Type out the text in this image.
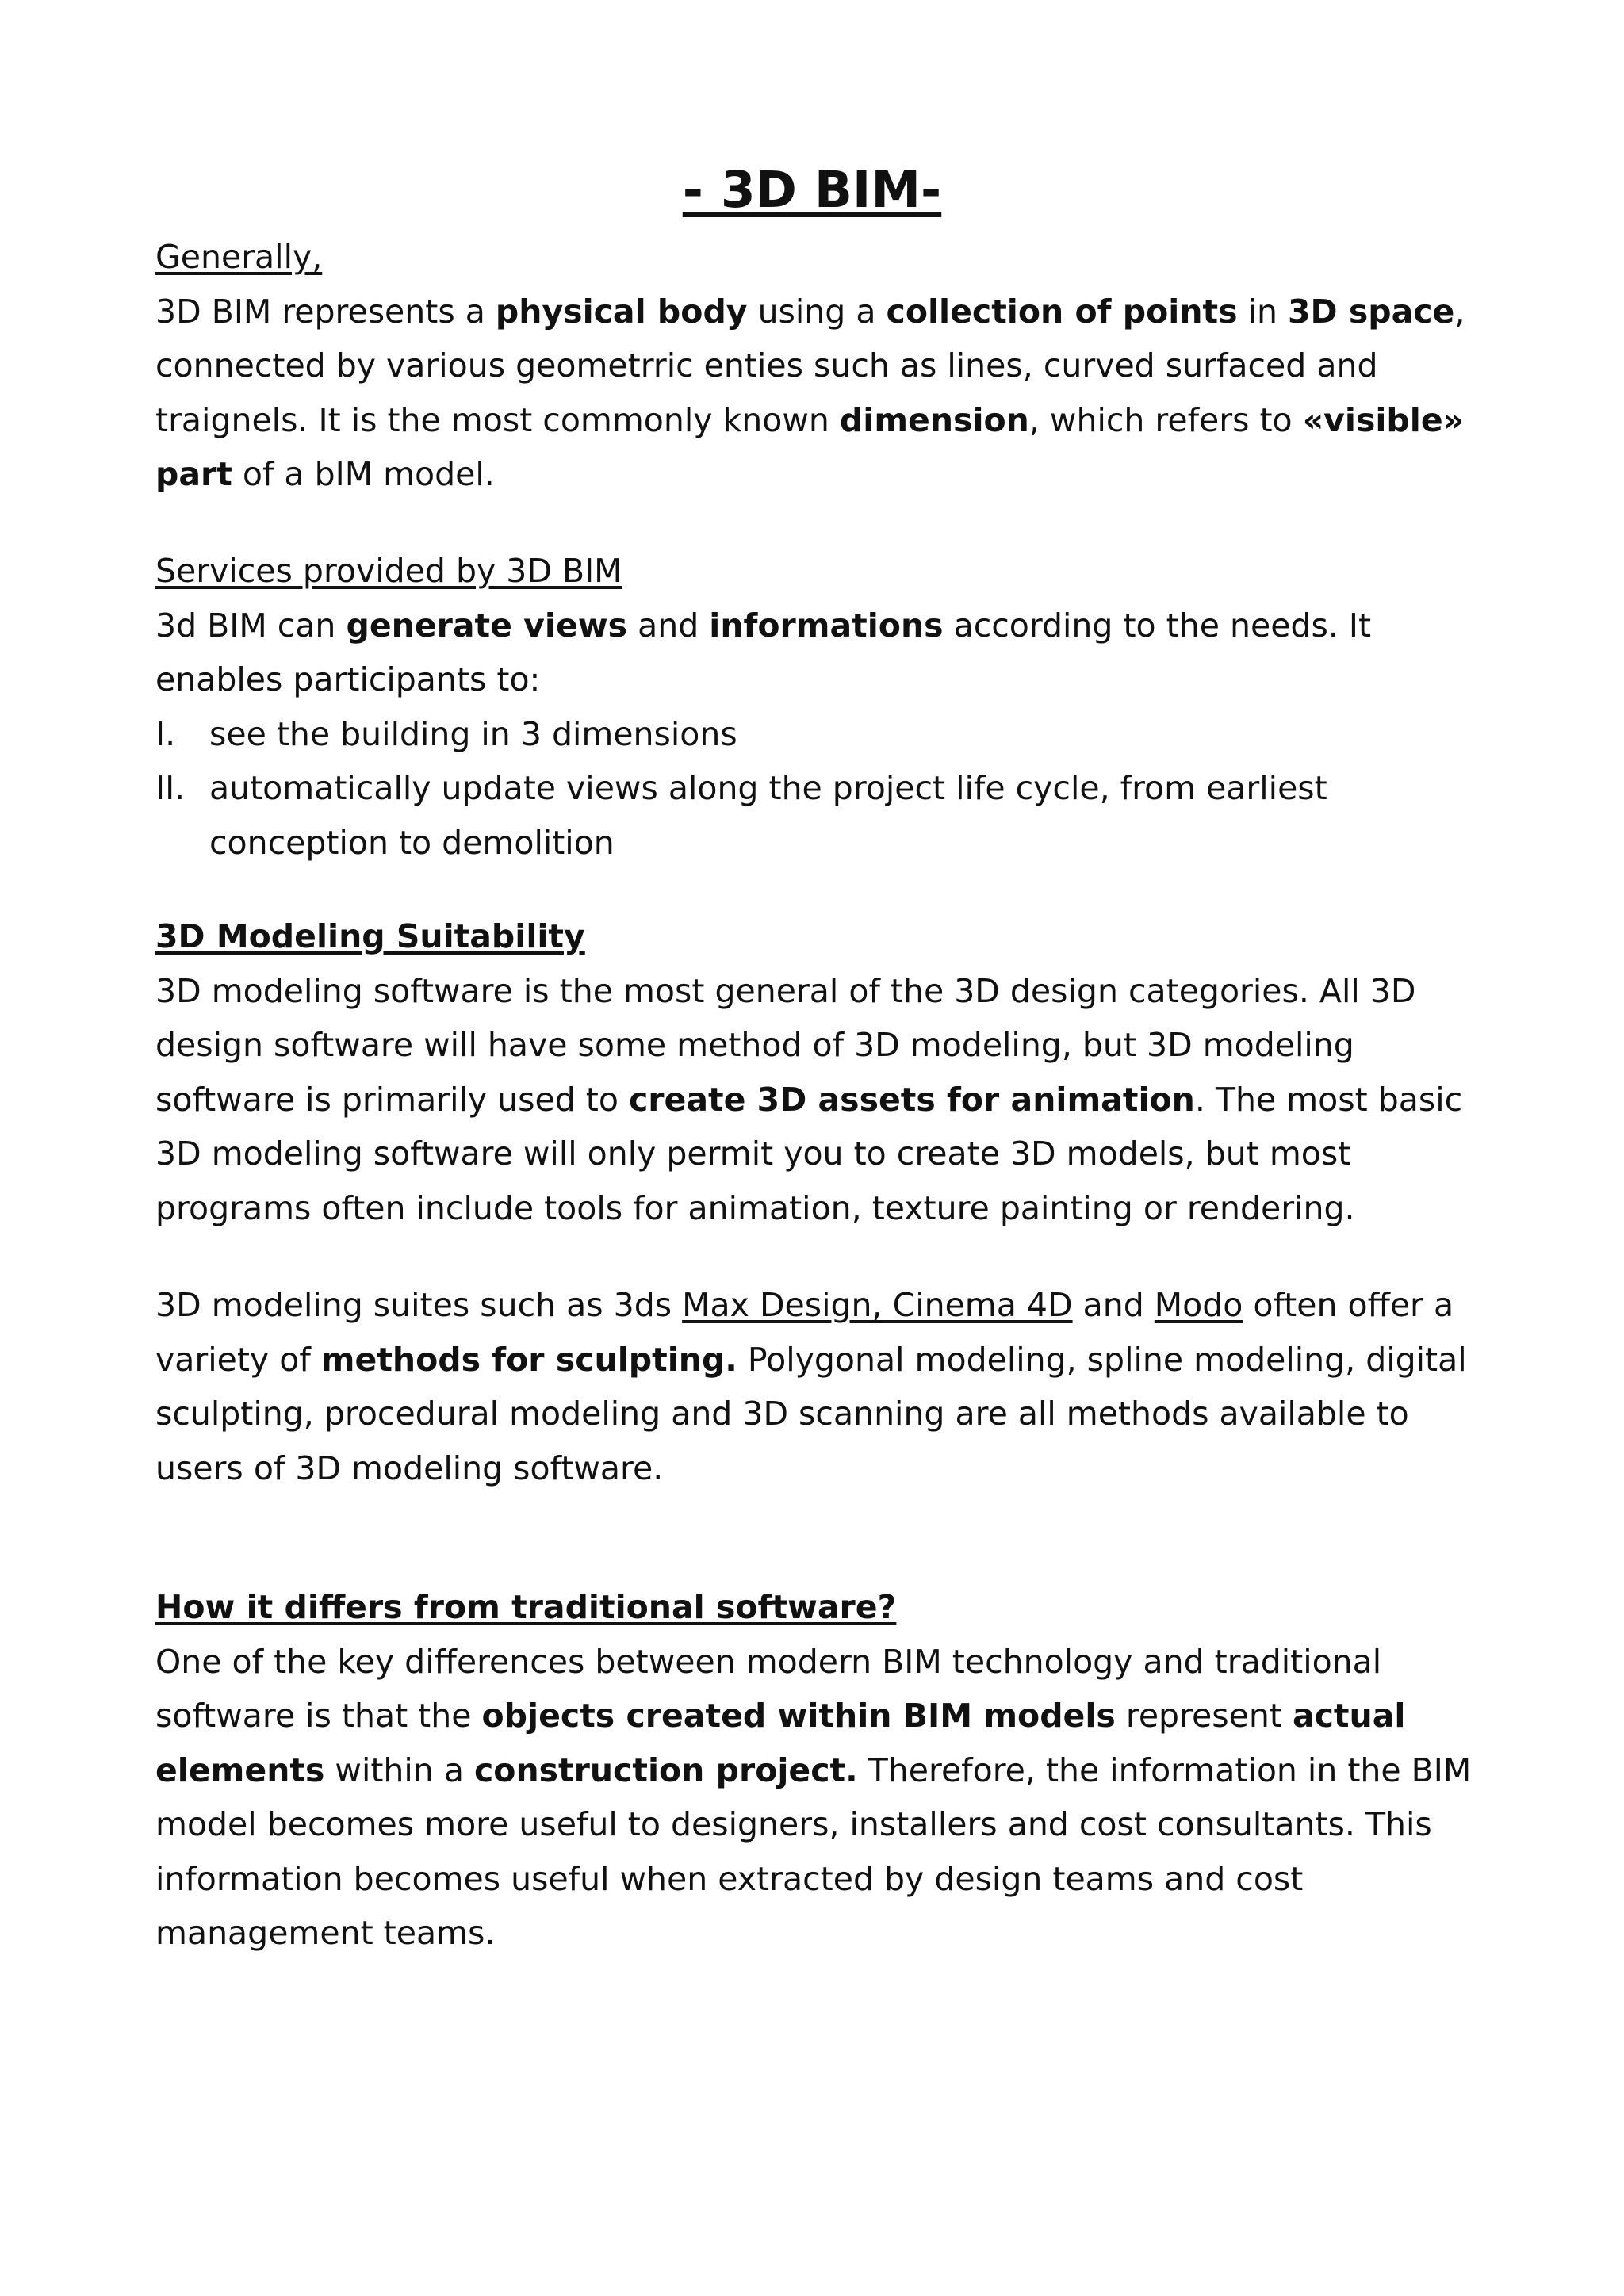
- 3D BIM-

Generally,

3D BIM represents a physical body using a collection of points in 3D space, connected by various geometrric enties such as lines, curved surfaced and traignels. It is the most commonly known dimension, which refers to «visible» part of a bIM model.

Services provided by 3D BIM

3d BIM can generate views and informations according to the needs. It enables participants to:

I. see the building in 3 dimensions
II. automatically update views along the project life cycle, from earliest conception to demolition

3D Modeling Suitability

3D modeling software is the most general of the 3D design categories. All 3D design software will have some method of 3D modeling, but 3D modeling software is primarily used to create 3D assets for animation. The most basic 3D modeling software will only permit you to create 3D models, but most programs often include tools for animation, texture painting or rendering.

3D modeling suites such as 3ds Max Design, Cinema 4D and Modo often offer a variety of methods for sculpting. Polygonal modeling, spline modeling, digital sculpting, procedural modeling and 3D scanning are all methods available to users of 3D modeling software.

How it differs from traditional software?

One of the key differences between modern BIM technology and traditional software is that the objects created within BIM models represent actual elements within a construction project. Therefore, the information in the BIM model becomes more useful to designers, installers and cost consultants. This information becomes useful when extracted by design teams and cost management teams.
